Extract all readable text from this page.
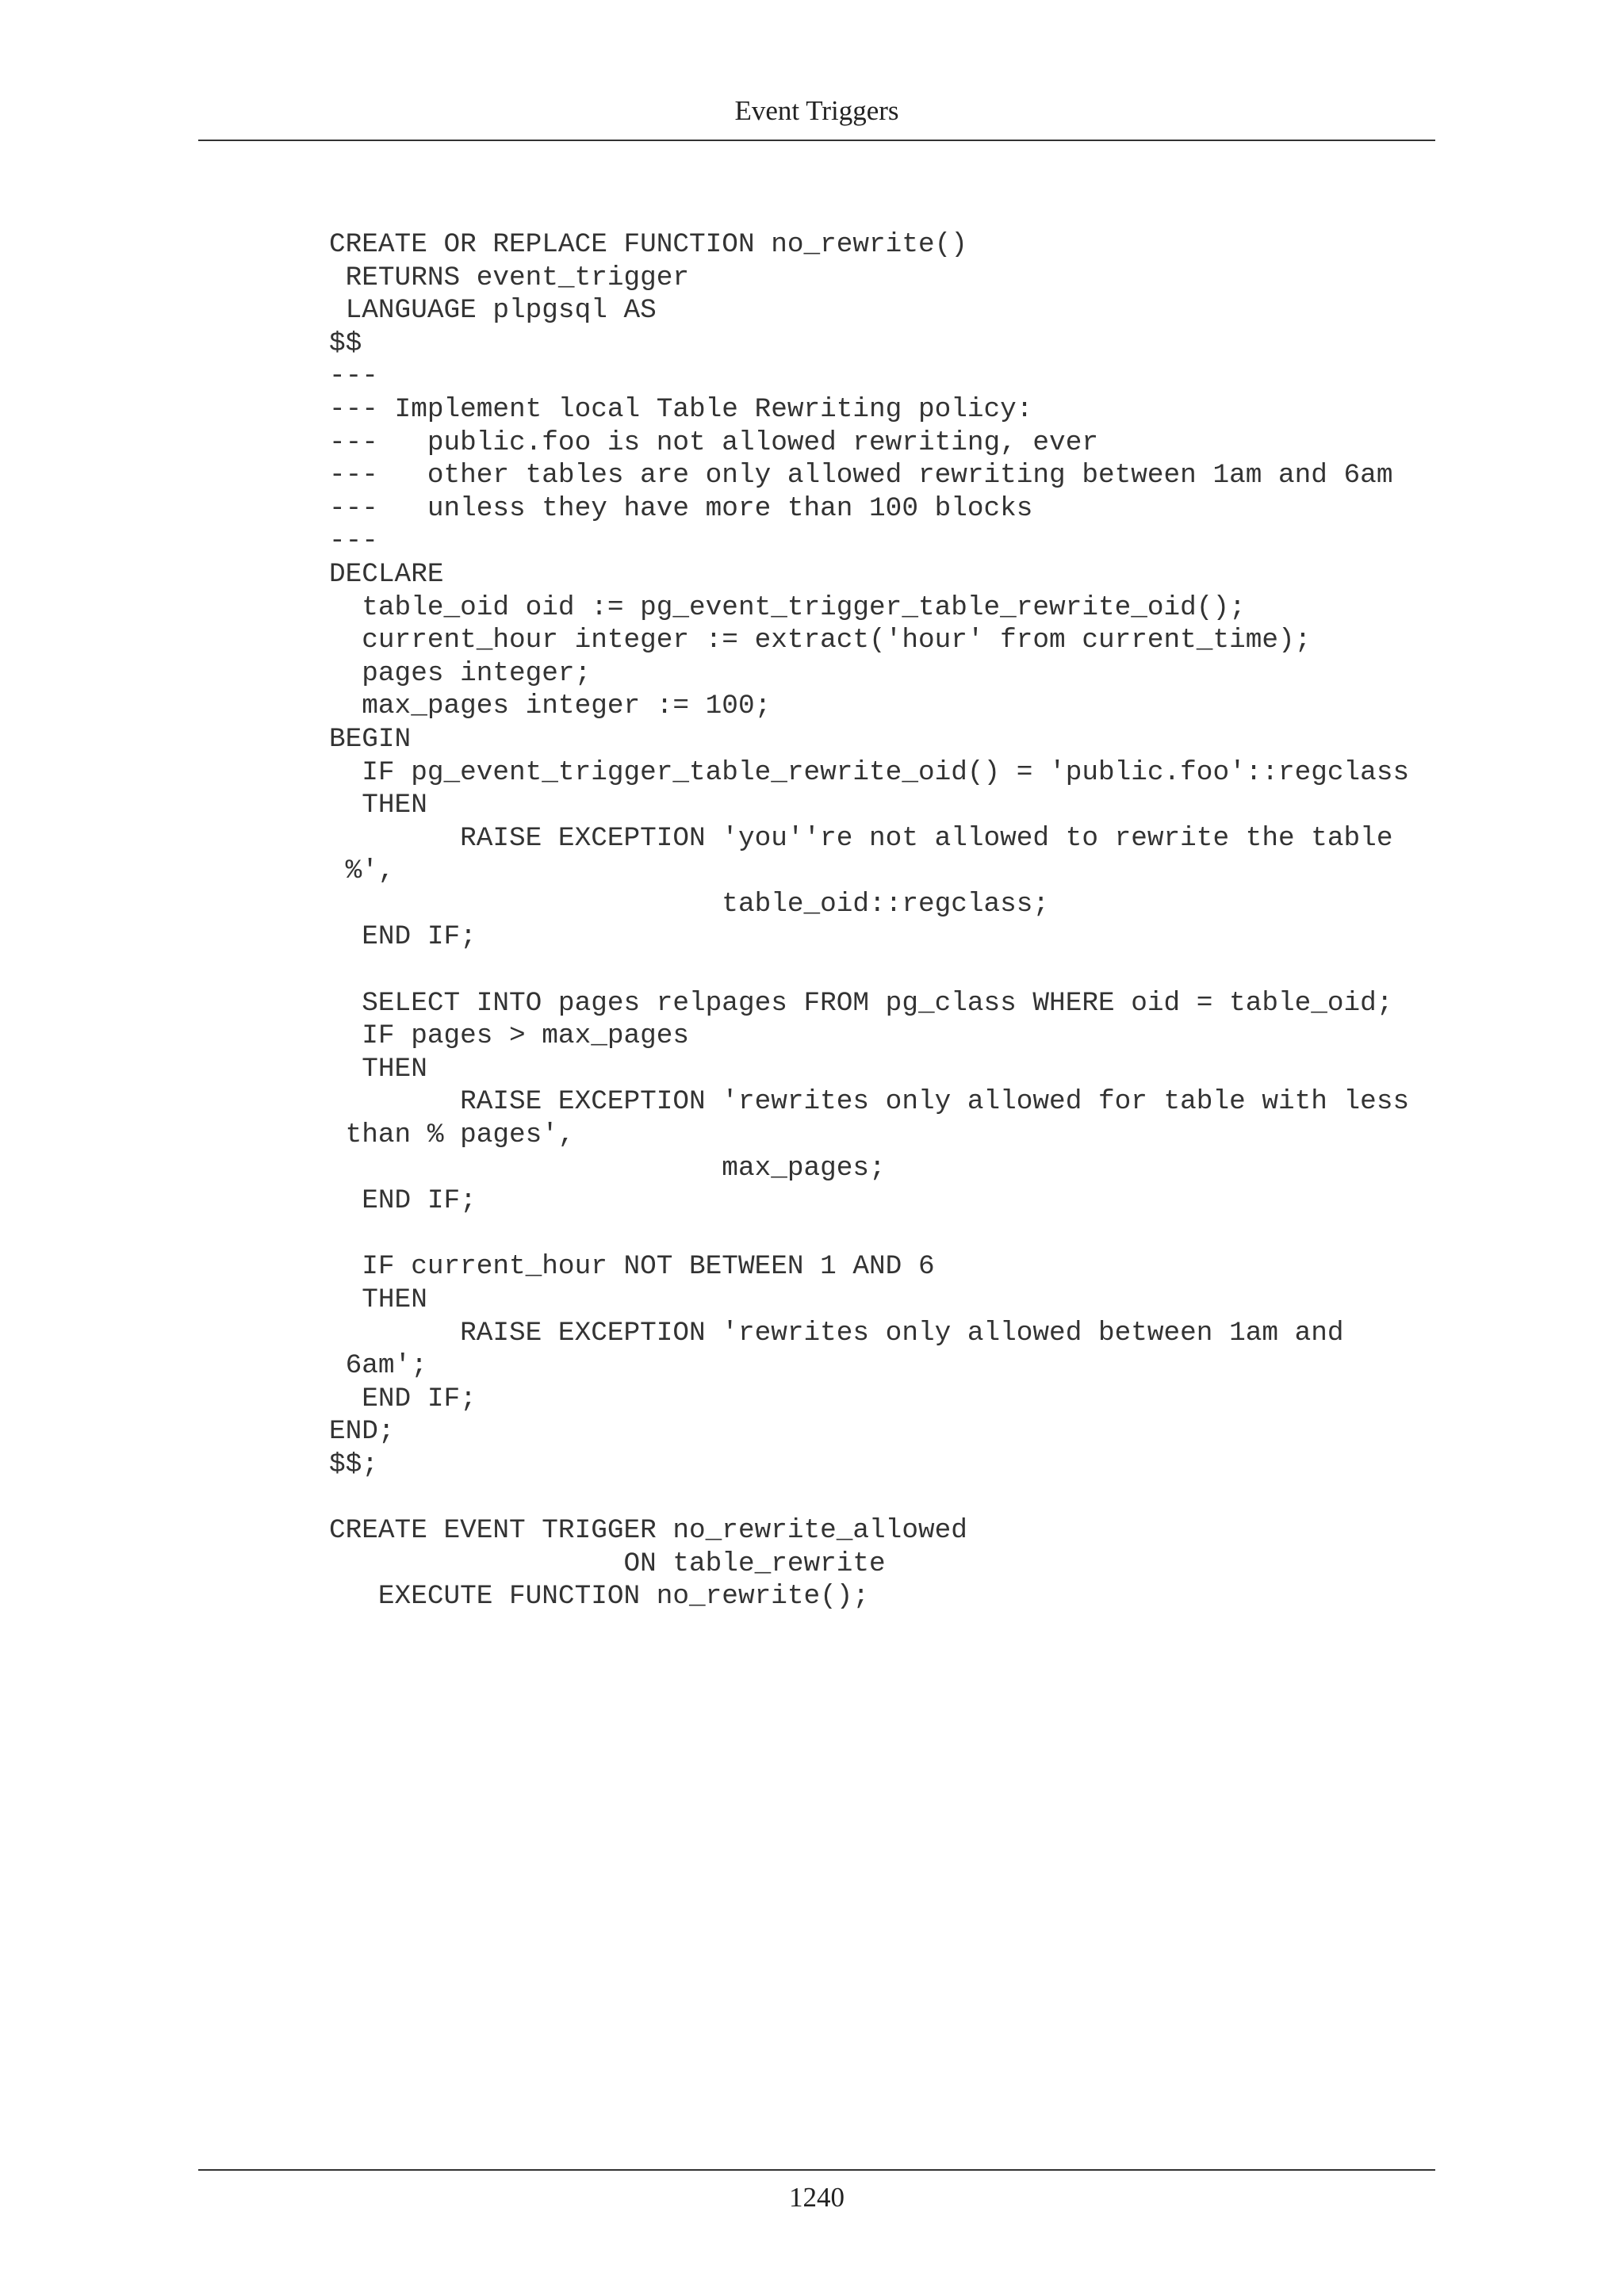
Event Triggers
CREATE OR REPLACE FUNCTION no_rewrite()
RETURNS event_trigger
LANGUAGE plpgsql AS
$$
---
--- Implement local Table Rewriting policy:
---   public.foo is not allowed rewriting, ever
---   other tables are only allowed rewriting between 1am and 6am
---   unless they have more than 100 blocks
---
DECLARE
table_oid oid := pg_event_trigger_table_rewrite_oid();
current_hour integer := extract('hour' from current_time);
pages integer;
max_pages integer := 100;
BEGIN
IF pg_event_trigger_table_rewrite_oid() = 'public.foo'::regclass
THEN
RAISE EXCEPTION 'you''re not allowed to rewrite the table
%',
table_oid::regclass;
END IF;
SELECT INTO pages relpages FROM pg_class WHERE oid = table_oid;
IF pages > max_pages
THEN
RAISE EXCEPTION 'rewrites only allowed for table with less
than % pages',
max_pages;
END IF;
IF current_hour NOT BETWEEN 1 AND 6
THEN
RAISE EXCEPTION 'rewrites only allowed between 1am and
6am';
END IF;
END;
$$;
CREATE EVENT TRIGGER no_rewrite_allowed
ON table_rewrite
EXECUTE FUNCTION no_rewrite();
1240
